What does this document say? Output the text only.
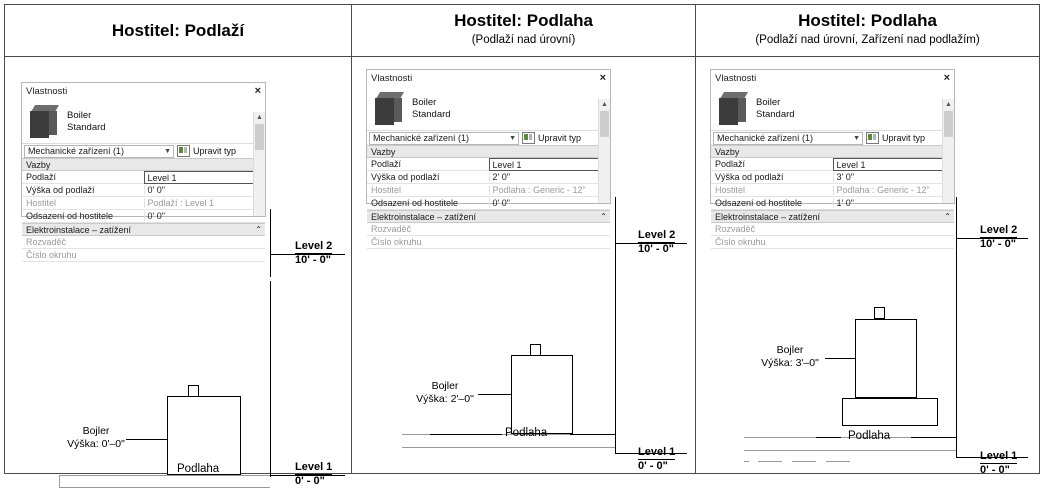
Hostitel: Podlaží
Vlastnosti	×
Boiler
Standard
Mechanické zařízení (1)	▼ Upravit typ
Vazby
Podlaží	Level 1
Výška od podlaží	0' 0"
Hostitel	Podlaží : Level 1
Odsazení od hostitele	0' 0"
Elektroinstalace – zatížení	⌃
Rozvaděč
Číslo okruhu
▲
Level 2
10' - 0"
Level 1
0' - 0"
Bojler
Výška: 0'–0"
Podlaha
Hostitel: Podlaha
(Podlaží nad úrovní)
Vlastnosti	×
Boiler
Standard
Mechanické zařízení (1)	▼ Upravit typ
Vazby
Podlaží	Level 1
Výška od podlaží	2' 0"
Hostitel	Podlaha : Generic - 12"
Odsazení od hostitele	0' 0"
Elektroinstalace – zatížení	⌃
Rozvaděč
Číslo okruhu
▲
Level 2
10' - 0"
Level 1
0' - 0"
Bojler
Výška: 2'–0"
Podlaha
Hostitel: Podlaha
(Podlaží nad úrovní, Zařízení nad podlažím)
Vlastnosti	×
Boiler
Standard
Mechanické zařízení (1)	▼ Upravit typ
Vazby
Podlaží	Level 1
Výška od podlaží	3' 0"
Hostitel	Podlaha : Generic - 12"
Odsazení od hostitele	1' 0"
Elektroinstalace – zatížení	⌃
Rozvaděč
Číslo okruhu
▲
Level 2
10' - 0"
Level 1
0' - 0"
Bojler
Výška: 3'–0"
Podlaha
